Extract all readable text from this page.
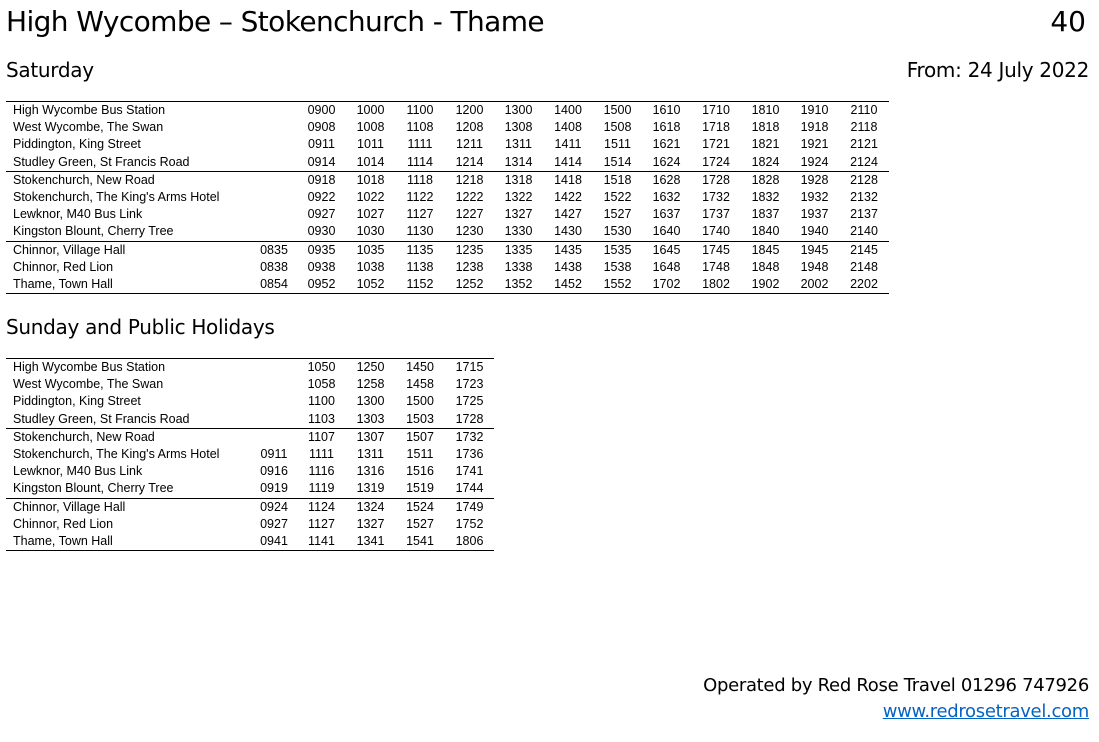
High Wycombe – Stokenchurch - Thame	40
Saturday	From: 24 July 2022
High Wycombe Bus Station		0900	1000	1100	1200	1300	1400	1500	1610	1710	1810	1910	2110
West Wycombe, The Swan		0908	1008	1108	1208	1308	1408	1508	1618	1718	1818	1918	2118
Piddington, King Street		0911	1011	1111	1211	1311	1411	1511	1621	1721	1821	1921	2121
Studley Green, St Francis Road		0914	1014	1114	1214	1314	1414	1514	1624	1724	1824	1924	2124
Stokenchurch, New Road		0918	1018	1118	1218	1318	1418	1518	1628	1728	1828	1928	2128
Stokenchurch, The King's Arms Hotel		0922	1022	1122	1222	1322	1422	1522	1632	1732	1832	1932	2132
Lewknor, M40 Bus Link		0927	1027	1127	1227	1327	1427	1527	1637	1737	1837	1937	2137
Kingston Blount, Cherry Tree		0930	1030	1130	1230	1330	1430	1530	1640	1740	1840	1940	2140
Chinnor, Village Hall	0835	0935	1035	1135	1235	1335	1435	1535	1645	1745	1845	1945	2145
Chinnor, Red Lion	0838	0938	1038	1138	1238	1338	1438	1538	1648	1748	1848	1948	2148
Thame, Town Hall	0854	0952	1052	1152	1252	1352	1452	1552	1702	1802	1902	2002	2202
Sunday and Public Holidays
High Wycombe Bus Station		1050	1250	1450	1715
West Wycombe, The Swan		1058	1258	1458	1723
Piddington, King Street		1100	1300	1500	1725
Studley Green, St Francis Road		1103	1303	1503	1728
Stokenchurch, New Road		1107	1307	1507	1732
Stokenchurch, The King's Arms Hotel	0911	1111	1311	1511	1736
Lewknor, M40 Bus Link	0916	1116	1316	1516	1741
Kingston Blount, Cherry Tree	0919	1119	1319	1519	1744
Chinnor, Village Hall	0924	1124	1324	1524	1749
Chinnor, Red Lion	0927	1127	1327	1527	1752
Thame, Town Hall	0941	1141	1341	1541	1806
Operated by Red Rose Travel 01296 747926
www.redrosetravel.com
